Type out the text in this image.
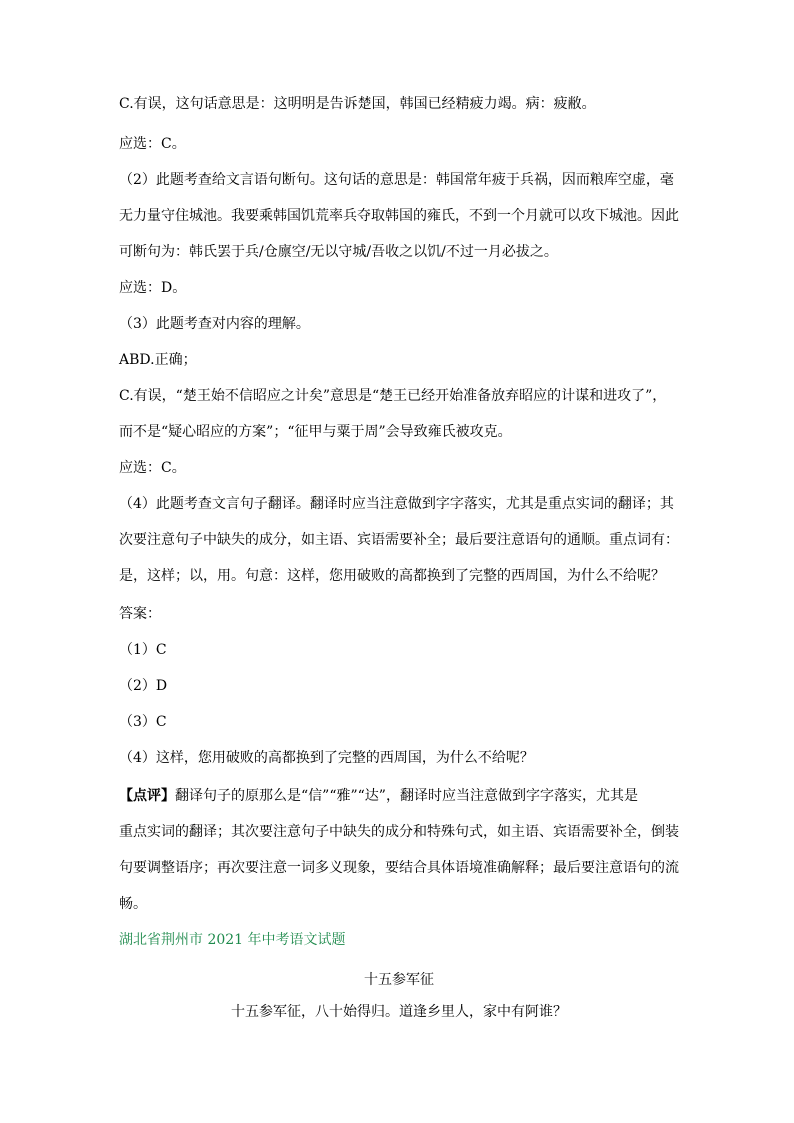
C.有误，这句话意思是：这明明是告诉楚国，韩国已经精疲力竭。病：疲敝。

应选：C。

（2）此题考查给文言语句断句。这句话的意思是：韩国常年疲于兵祸，因而粮库空虚，毫

无力量守住城池。我要乘韩国饥荒率兵夺取韩国的雍氏，不到一个月就可以攻下城池。因此

可断句为：韩氏罢于兵/仓廪空/无以守城/吾收之以饥/不过一月必拔之。

应选：D。

（3）此题考查对内容的理解。

ABD.正确；

C.有误，“楚王始不信昭应之计矣”意思是“楚王已经开始准备放弃昭应的计谋和进攻了”，

而不是“疑心昭应的方案”；“征甲与粟于周”会导致雍氏被攻克。

应选：C。

（4）此题考查文言句子翻译。翻译时应当注意做到字字落实，尤其是重点实词的翻译；其

次要注意句子中缺失的成分，如主语、宾语需要补全；最后要注意语句的通顺。重点词有：

是，这样；以，用。句意：这样，您用破败的高都换到了完整的西周国，为什么不给呢？

答案：

（1）C

（2）D

（3）C

（4）这样，您用破败的高都换到了完整的西周国，为什么不给呢？

【点评】翻译句子的原那么是“信”“雅”“达”，翻译时应当注意做到字字落实，尤其是

重点实词的翻译；其次要注意句子中缺失的成分和特殊句式，如主语、宾语需要补全，倒装

句要调整语序；再次要注意一词多义现象，要结合具体语境准确解释；最后要注意语句的流

畅。

湖北省荆州市 2021 年中考语文试题

十五参军征

十五参军征，八十始得归。道逢乡里人，家中有阿谁？
